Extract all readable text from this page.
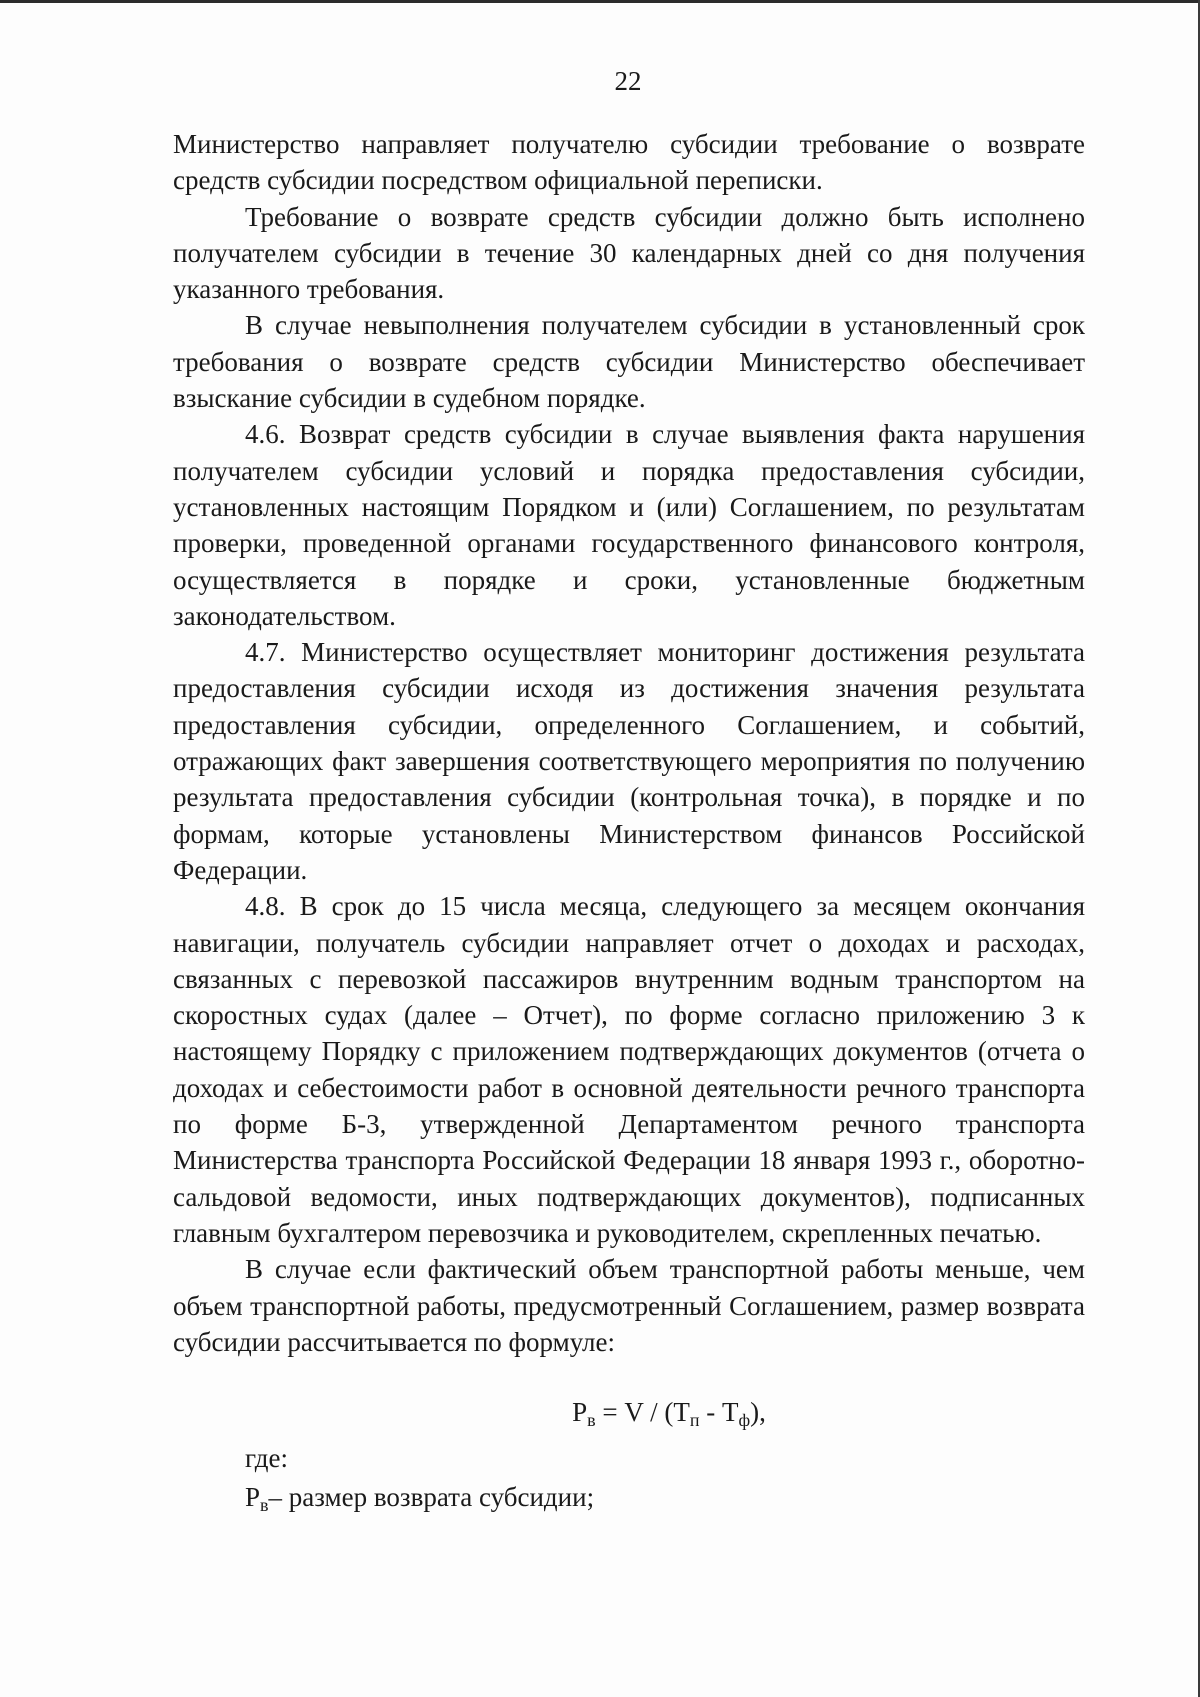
22

Министерство направляет получателю субсидии требование о возврате средств субсидии посредством официальной переписки.

Требование о возврате средств субсидии должно быть исполнено получателем субсидии в течение 30 календарных дней со дня получения указанного требования.

В случае невыполнения получателем субсидии в установленный срок требования о возврате средств субсидии Министерство обеспечивает взыскание субсидии в судебном порядке.

4.6. Возврат средств субсидии в случае выявления факта нарушения получателем субсидии условий и порядка предоставления субсидии, установленных настоящим Порядком и (или) Соглашением, по результатам проверки, проведенной органами государственного финансового контроля, осуществляется в порядке и сроки, установленные бюджетным законодательством.

4.7. Министерство осуществляет мониторинг достижения результата предоставления субсидии исходя из достижения значения результата предоставления субсидии, определенного Соглашением, и событий, отражающих факт завершения соответствующего мероприятия по получению результата предоставления субсидии (контрольная точка), в порядке и по формам, которые установлены Министерством финансов Российской Федерации.

4.8. В срок до 15 числа месяца, следующего за месяцем окончания навигации, получатель субсидии направляет отчет о доходах и расходах, связанных с перевозкой пассажиров внутренним водным транспортом на скоростных судах (далее – Отчет), по форме согласно приложению 3 к настоящему Порядку с приложением подтверждающих документов (отчета о доходах и себестоимости работ в основной деятельности речного транспорта по форме Б-3, утвержденной Департаментом речного транспорта Министерства транспорта Российской Федерации 18 января 1993 г., оборотно-сальдовой ведомости, иных подтверждающих документов), подписанных главным бухгалтером перевозчика и руководителем, скрепленных печатью.

В случае если фактический объем транспортной работы меньше, чем объем транспортной работы, предусмотренный Соглашением, размер возврата субсидии рассчитывается по формуле:

$Р_в = V / (Т_п - Т_ф)$,

где:

$Р_в-$ размер возврата субсидии;
